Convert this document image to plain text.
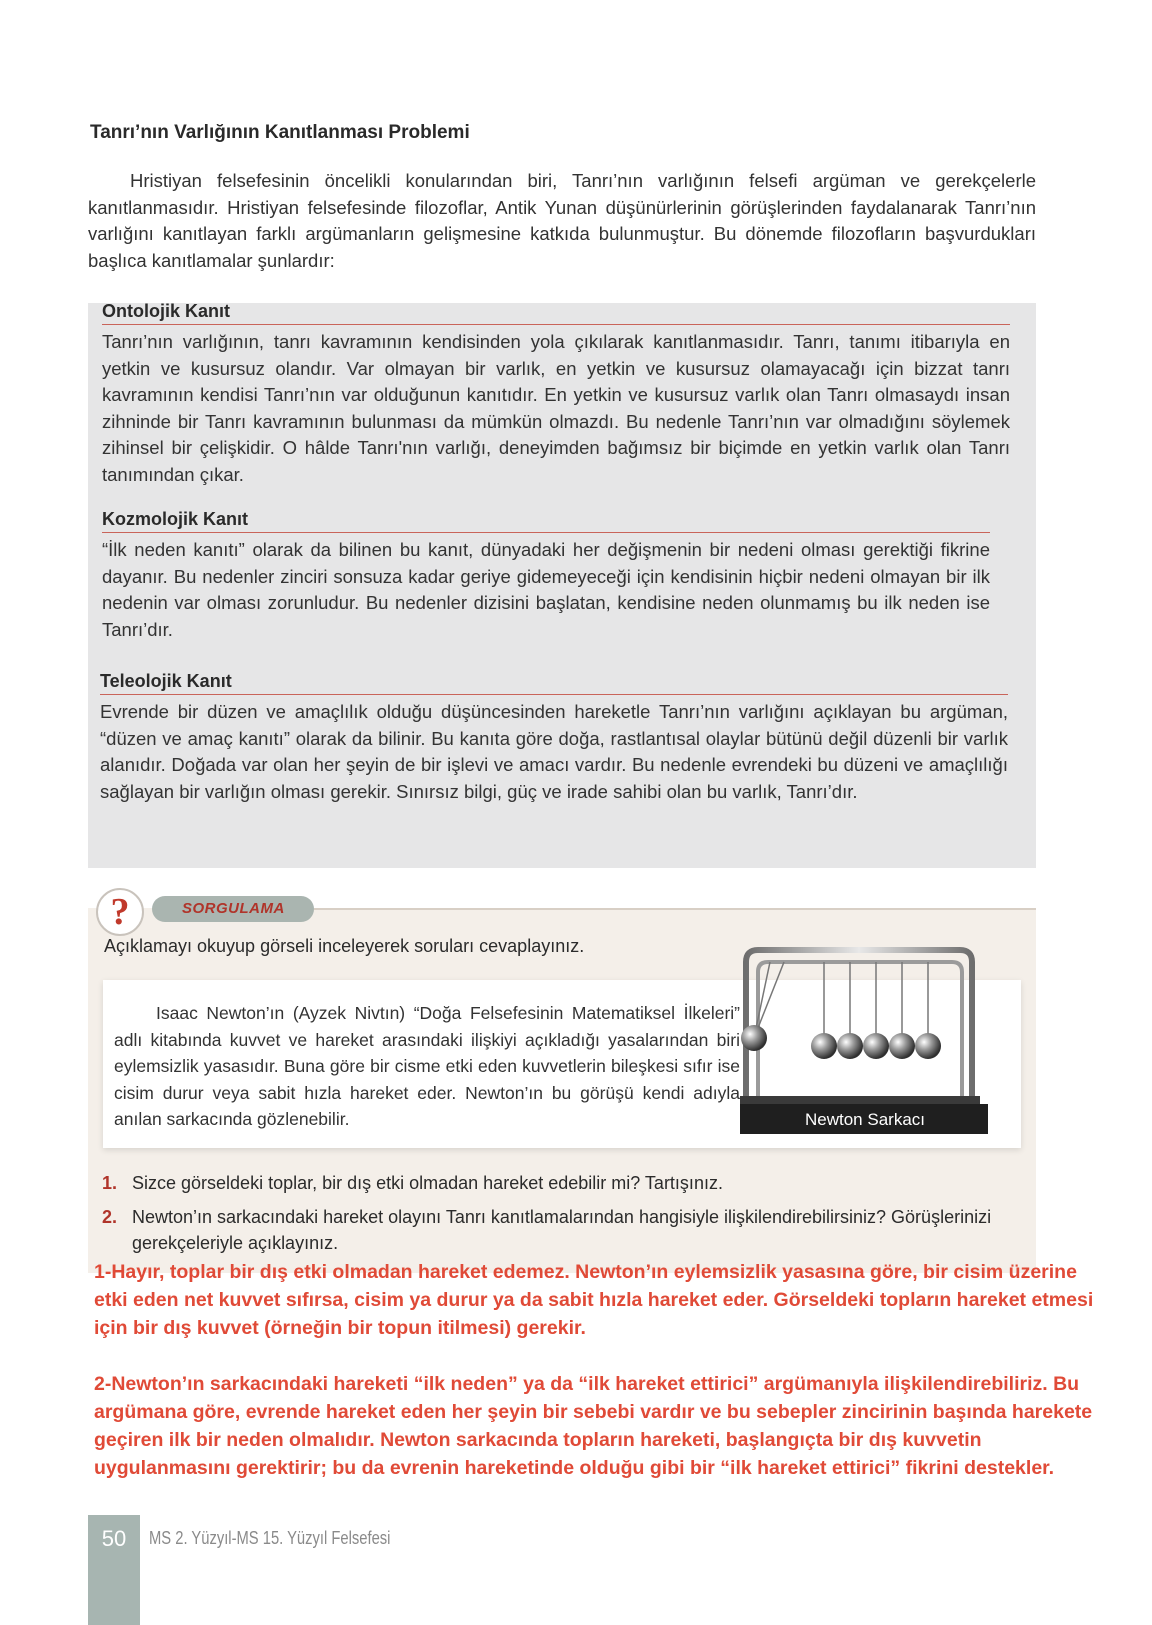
Tanrı’nın Varlığının Kanıtlanması Problemi

Hristiyan felsefesinin öncelikli konularından biri, Tanrı’nın varlığının felsefi argüman ve gerekçelerle kanıtlanmasıdır. Hristiyan felsefesinde filozoflar, Antik Yunan düşünürlerinin görüşlerinden faydalanarak Tanrı’nın varlığını kanıtlayan farklı argümanların gelişmesine katkıda bulunmuştur. Bu dönemde filozofların başvurdukları başlıca kanıtlamalar şunlardır:

Ontolojik Kanıt

Tanrı’nın varlığının, tanrı kavramının kendisinden yola çıkılarak kanıtlanmasıdır. Tanrı, tanımı itibarıyla en yetkin ve kusursuz olandır. Var olmayan bir varlık, en yetkin ve kusursuz olamayacağı için bizzat tanrı kavramının kendisi Tanrı’nın var olduğunun kanıtıdır. En yetkin ve kusursuz varlık olan Tanrı olmasaydı insan zihninde bir Tanrı kavramının bulunması da mümkün olmazdı. Bu nedenle Tanrı’nın var olmadığını söylemek zihinsel bir çelişkidir. O hâlde Tanrı'nın varlığı, deneyimden bağımsız bir biçimde en yetkin varlık olan Tanrı tanımından çıkar.

Kozmolojik Kanıt

“İlk neden kanıtı” olarak da bilinen bu kanıt, dünyadaki her değişmenin bir nedeni olması gerektiği fikrine dayanır. Bu nedenler zinciri sonsuza kadar geriye gidemeyeceği için kendisinin hiçbir nedeni olmayan bir ilk nedenin var olması zorunludur. Bu nedenler dizisini başlatan, kendisine neden olunmamış bu ilk neden ise Tanrı’dır.

Teleolojik Kanıt

Evrende bir düzen ve amaçlılık olduğu düşüncesinden hareketle Tanrı’nın varlığını açıklayan bu argüman, “düzen ve amaç kanıtı” olarak da bilinir. Bu kanıta göre doğa, rastlantısal olaylar bütünü değil düzenli bir varlık alanıdır. Doğada var olan her şeyin de bir işlevi ve amacı vardır. Bu nedenle evrendeki bu düzeni ve amaçlılığı sağlayan bir varlığın olması gerekir. Sınırsız bilgi, güç ve irade sahibi olan bu varlık, Tanrı’dır.

?	SORGULAMA
Açıklamayı okuyup görseli inceleyerek soruları cevaplayınız.

Isaac Newton’ın (Ayzek Nivtın) “Doğa Felsefesinin Matematiksel İlkeleri” adlı kitabında kuvvet ve hareket arasındaki ilişkiyi açıkladığı yasalarından biri eylemsizlik yasasıdır. Buna göre bir cisme etki eden kuvvetlerin bileşkesi sıfır ise cisim durur veya sabit hızla hareket eder. Newton’ın bu görüşü kendi adıyla anılan sarkacında gözlenebilir.	Newton Sarkacı
1. Sizce görseldeki toplar, bir dış etki olmadan hareket edebilir mi? Tartışınız.
2. Newton’ın sarkacındaki hareket olayını Tanrı kanıtlamalarından hangisiyle ilişkilendirebilirsiniz? Görüşlerinizi gerekçeleriyle açıklayınız.

1-Hayır, toplar bir dış etki olmadan hareket edemez. Newton’ın eylemsizlik yasasına göre, bir cisim üzerine etki eden net kuvvet sıfırsa, cisim ya durur ya da sabit hızla hareket eder. Görseldeki topların hareket etmesi için bir dış kuvvet (örneğin bir topun itilmesi) gerekir.

2-Newton’ın sarkacındaki hareketi “ilk neden” ya da “ilk hareket ettirici” argümanıyla ilişkilendirebiliriz. Bu argümana göre, evrende hareket eden her şeyin bir sebebi vardır ve bu sebepler zincirinin başında harekete geçiren ilk bir neden olmalıdır. Newton sarkacında topların hareketi, başlangıçta bir dış kuvvetin uygulanmasını gerektirir; bu da evrenin hareketinde olduğu gibi bir “ilk hareket ettirici” fikrini destekler.

50	MS 2. Yüzyıl-MS 15. Yüzyıl Felsefesi
